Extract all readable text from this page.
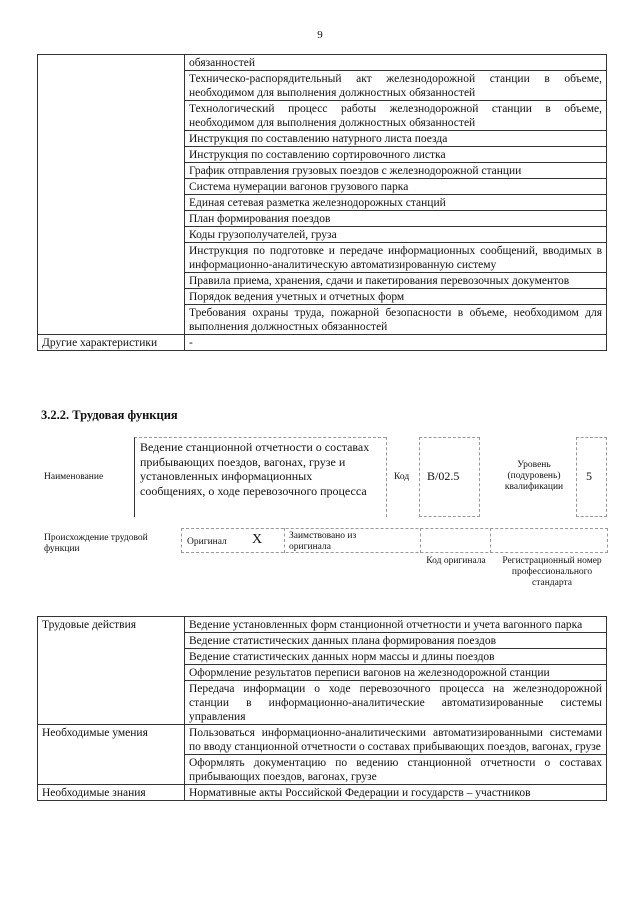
9
	обязанностей
	Техническо-распорядительный акт железнодорожной станции в объеме, необходимом для выполнения должностных обязанностей
	Технологический процесс работы железнодорожной станции в объеме, необходимом для выполнения должностных обязанностей
	Инструкция по составлению натурного листа поезда
	Инструкция по составлению сортировочного листка
	График отправления грузовых поездов с железнодорожной станции
	Система нумерации вагонов грузового парка
	Единая сетевая разметка железнодорожных станций
	План формирования поездов
	Коды грузополучателей, груза
	Инструкция по подготовке и передаче информационных сообщений, вводимых в информационно-аналитическую автоматизированную систему
	Правила приема, хранения, сдачи и пакетирования перевозочных документов
	Порядок ведения учетных и отчетных форм
	Требования охраны труда, пожарной безопасности в объеме, необходимом для выполнения должностных обязанностей
Другие характеристики	-
3.2.2. Трудовая функция
Наименование
Ведение станционной отчетности о составах прибывающих поездов, вагонах, грузе и установленных информационных сообщениях, о ходе перевозочного процесса
Код B/02.5
Уровень (подуровень) квалификации
5
Происхождение трудовой функции
Оригинал X	Заимствовано из оригинала
Код оригинала	Регистрационный номер профессионального стандарта
Трудовые действия	Ведение установленных форм станционной отчетности и учета вагонного парка
	Ведение статистических данных плана формирования поездов
	Ведение статистических данных норм массы и длины поездов
	Оформление результатов переписи вагонов на железнодорожной станции
	Передача информации о ходе перевозочного процесса на железнодорожной станции в информационно-аналитические автоматизированные системы управления
Необходимые умения	Пользоваться информационно-аналитическими автоматизированными системами по вводу станционной отчетности о составах прибывающих поездов, вагонах, грузе
	Оформлять документацию по ведению станционной отчетности о составах прибывающих поездов, вагонах, грузе
Необходимые знания	Нормативные акты Российской Федерации и государств – участников
